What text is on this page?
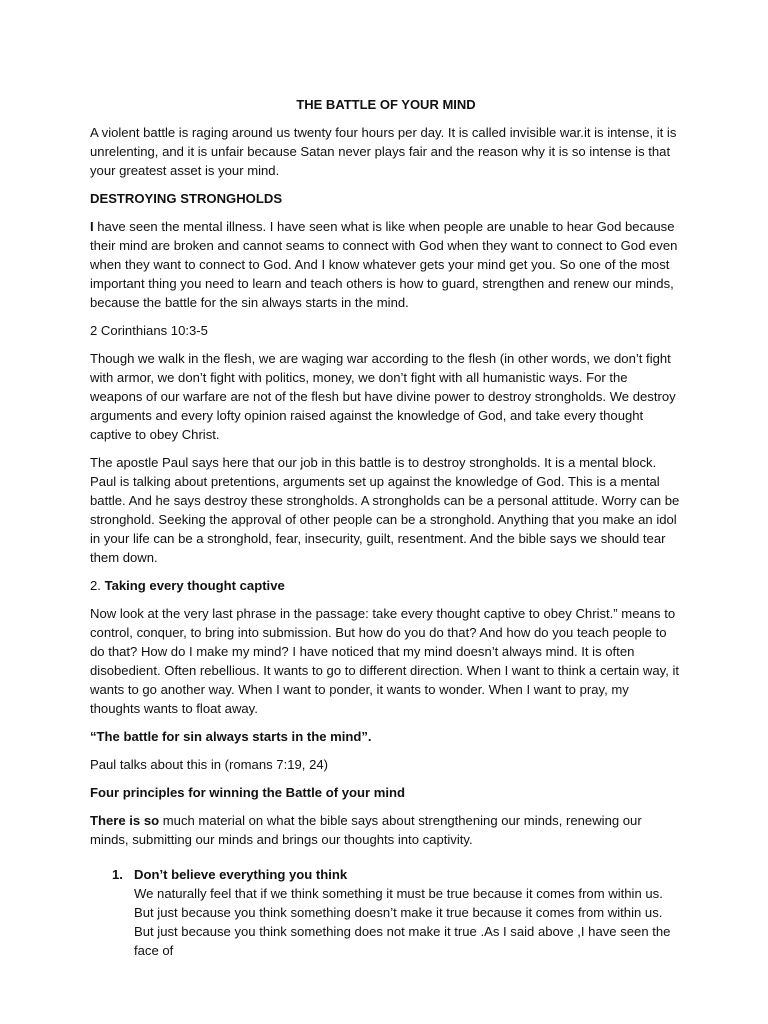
THE BATTLE OF YOUR MIND

A violent battle is raging around us twenty four hours per day. It is called invisible war.it is intense, it is unrelenting, and it is unfair because Satan never plays fair and the reason why it is so intense is that your greatest asset is your mind.

DESTROYING STRONGHOLDS

I have seen the mental illness. I have seen what is like when people are unable to hear God because their mind are broken and cannot seams to connect with God when they want to connect to God even when they want to connect to God. And I know whatever gets your mind get you. So one of the most important thing you need to learn and teach others is how to guard, strengthen and renew our minds, because the battle for the sin always starts in the mind.

2 Corinthians 10:3-5

Though we walk in the flesh, we are waging war according to the flesh (in other words, we don’t fight with armor, we don’t fight with politics, money, we don’t fight with all humanistic ways. For the weapons of our warfare are not of the flesh but have divine power to destroy strongholds. We destroy arguments and every lofty opinion raised against the knowledge of God, and take every thought captive to obey Christ.

The apostle Paul says here that our job in this battle is to destroy strongholds. It is a mental block. Paul is talking about pretentions, arguments set up against the knowledge of God. This is a mental battle. And he says destroy these strongholds. A strongholds can be a personal attitude. Worry can be stronghold. Seeking the approval of other people can be a stronghold. Anything that you make an idol in your life can be a stronghold, fear, insecurity, guilt, resentment. And the bible says we should tear them down.

2. Taking every thought captive

Now look at the very last phrase in the passage: take every thought captive to obey Christ.” means to control, conquer, to bring into submission. But how do you do that? And how do you teach people to do that? How do I make my mind? I have noticed that my mind doesn’t always mind. It is often disobedient. Often rebellious. It wants to go to different direction. When I want to think a certain way, it wants to go another way. When I want to ponder, it wants to wonder. When I want to pray, my thoughts wants to float away.

“The battle for sin always starts in the mind”.

Paul talks about this in (romans 7:19, 24)

Four principles for winning the Battle of your mind

There is so much material on what the bible says about strengthening our minds, renewing our minds, submitting our minds and brings our thoughts into captivity.

1. Don’t believe everything you think
We naturally feel that if we think something it must be true because it comes from within us. But just because you think something doesn’t make it true because it comes from within us. But just because you think something does not make it true .As I said above ,I have seen the face of
